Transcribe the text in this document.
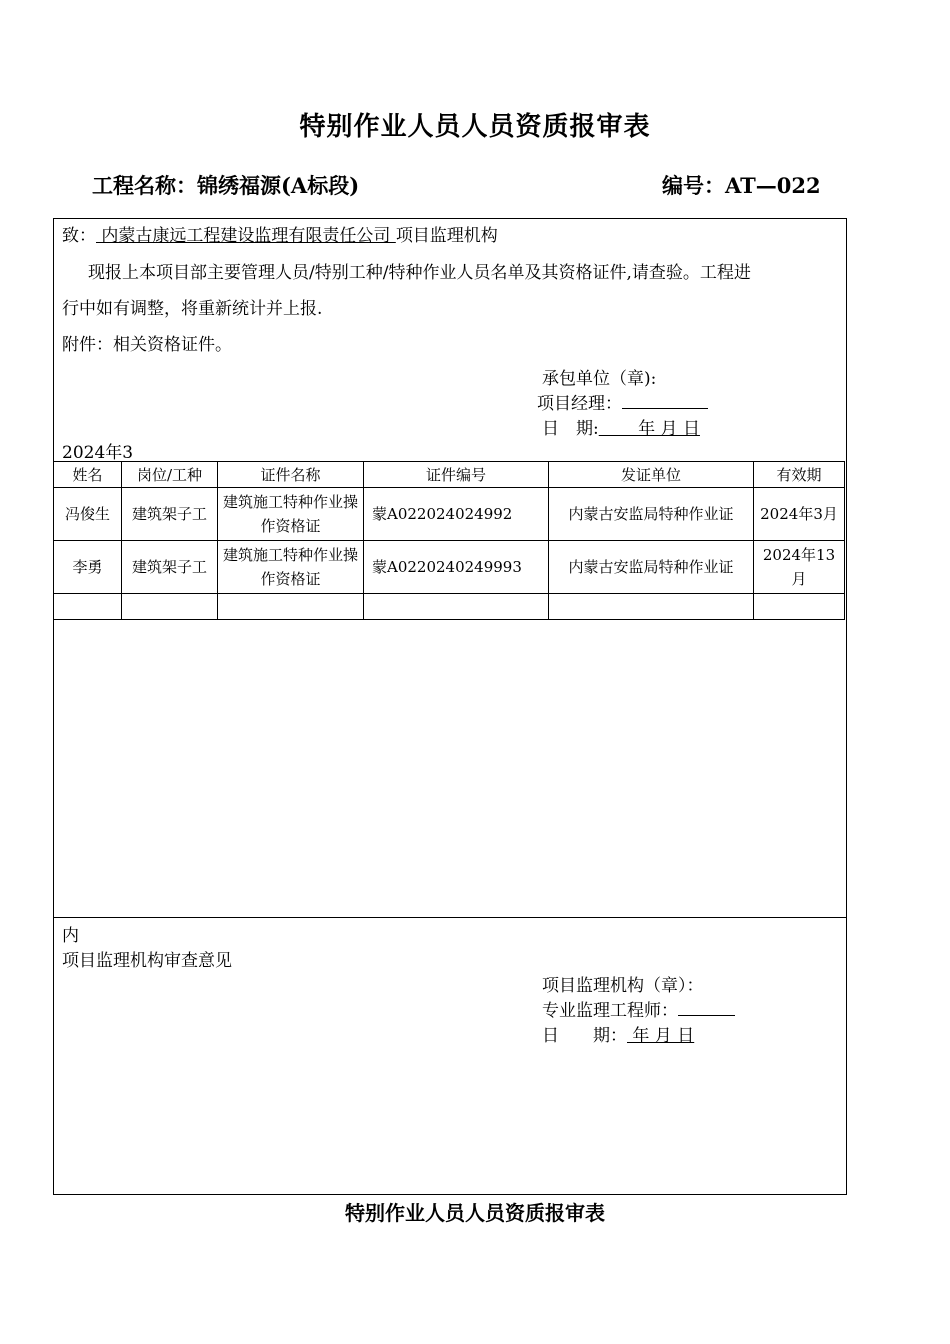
特别作业人员人员资质报审表
工程名称：锦绣福源(A标段)	编号：AT—022
致： 内蒙古康远工程建设监理有限责任公司 项目监理机构
现报上本项目部主要管理人员/特别工种/特种作业人员名单及其资格证件,请查验。工程进
行中如有调整，将重新统计并上报.
附件：相关资格证件。
承包单位（章):
项目经理：
日　期:　　 年 月 日
2024年3
姓名	岗位/工种	证件名称	证件编号	发证单位	有效期
冯俊生	建筑架子工	建筑施工特种作业操作资格证	蒙A022024024992	内蒙古安监局特种作业证	2024年3月
李勇	建筑架子工	建筑施工特种作业操作资格证	蒙A0220240249993	内蒙古安监局特种作业证	2024年13月

内
项目监理机构审查意见
项目监理机构（章）：
专业监理工程师：
日　　期： 年 月 日
特别作业人员人员资质报审表
